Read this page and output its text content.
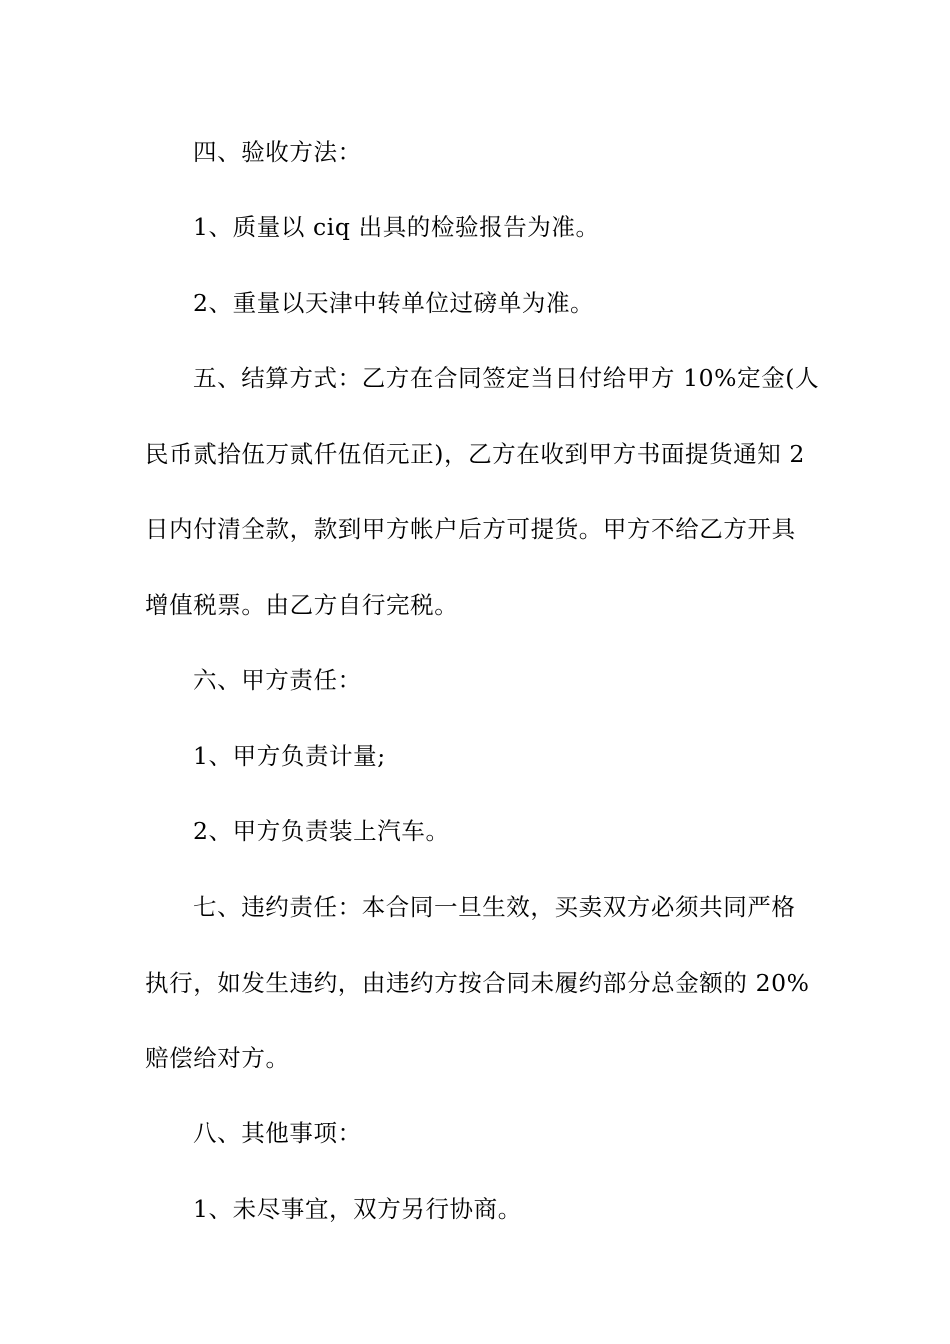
四、验收方法：

1、质量以 ciq 出具的检验报告为准。

2、重量以天津中转单位过磅单为准。

五、结算方式：乙方在合同签定当日付给甲方 10%定金(人
民币贰拾伍万贰仟伍佰元正)，乙方在收到甲方书面提货通知 2
日内付清全款，款到甲方帐户后方可提货。甲方不给乙方开具
增值税票。由乙方自行完税。

六、甲方责任：

1、甲方负责计量;

2、甲方负责装上汽车。

七、违约责任：本合同一旦生效，买卖双方必须共同严格
执行，如发生违约，由违约方按合同未履约部分总金额的 20%
赔偿给对方。

八、其他事项：

1、未尽事宜，双方另行协商。
